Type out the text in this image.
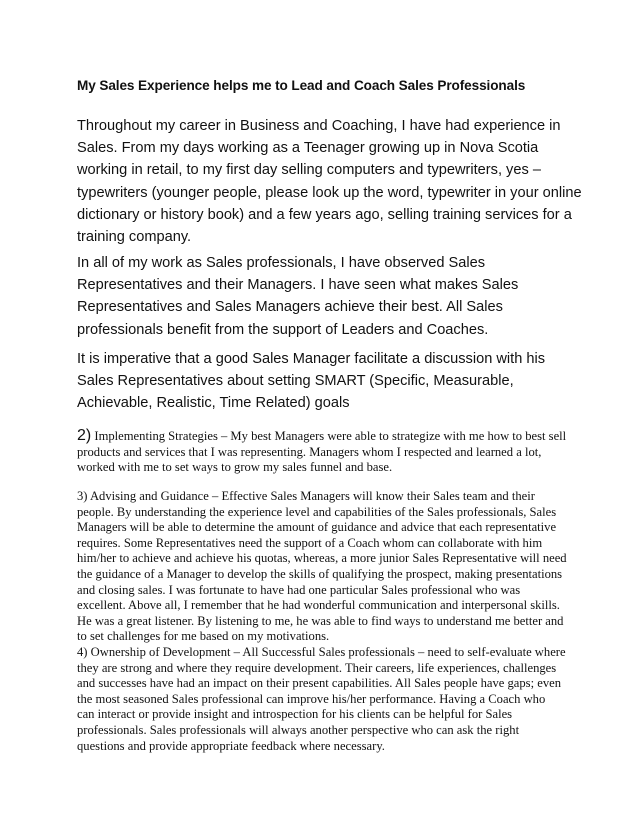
My Sales Experience helps me to Lead and Coach Sales Professionals
Throughout my career in Business and Coaching, I have had experience in
Sales. From my days working as a Teenager growing up in Nova Scotia
working in retail, to my first day selling computers and typewriters, yes –
typewriters (younger people, please look up the word, typewriter in your online
dictionary or history book) and a few years ago, selling training services for a
training company.
In all of my work as Sales professionals, I have observed Sales
Representatives and their Managers. I have seen what makes Sales
Representatives and Sales Managers achieve their best. All Sales
professionals benefit from the support of Leaders and Coaches.
It is imperative that a good Sales Manager facilitate a discussion with his
Sales Representatives about setting SMART (Specific, Measurable,
Achievable, Realistic, Time Related) goals
2) Implementing Strategies – My best Managers were able to strategize with me how to best sell
products and services that I was representing. Managers whom I respected and learned a lot,
worked with me to set ways to grow my sales funnel and base.
3) Advising and Guidance – Effective Sales Managers will know their Sales team and their
people. By understanding the experience level and capabilities of the Sales professionals, Sales
Managers will be able to determine the amount of guidance and advice that each representative
requires. Some Representatives need the support of a Coach whom can collaborate with him
him/her to achieve and achieve his quotas, whereas, a more junior Sales Representative will need
the guidance of a Manager to develop the skills of qualifying the prospect, making presentations
and closing sales. I was fortunate to have had one particular Sales professional who was
excellent. Above all, I remember that he had wonderful communication and interpersonal skills.
He was a great listener. By listening to me, he was able to find ways to understand me better and
to set challenges for me based on my motivations.
4) Ownership of Development – All Successful Sales professionals – need to self-evaluate where
they are strong and where they require development. Their careers, life experiences, challenges
and successes have had an impact on their present capabilities. All Sales people have gaps; even
the most seasoned Sales professional can improve his/her performance. Having a Coach who
can interact or provide insight and introspection for his clients can be helpful for Sales
professionals. Sales professionals will always another perspective who can ask the right
questions and provide appropriate feedback where necessary.
